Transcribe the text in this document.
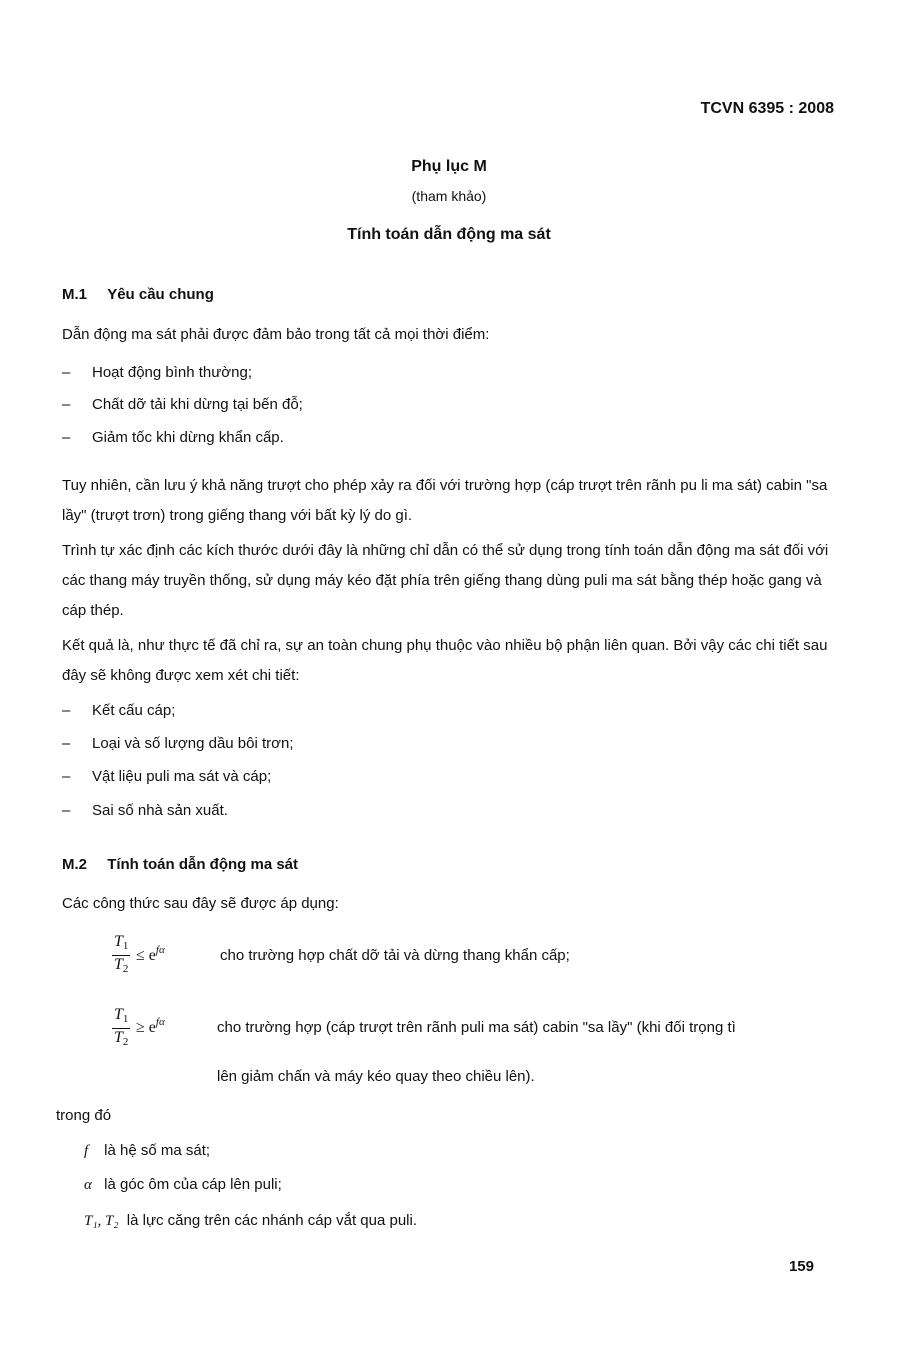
TCVN 6395 : 2008
Phụ lục M
(tham khảo)
Tính toán dẫn động ma sát
M.1 Yêu cầu chung
Dẫn động ma sát phải được đảm bảo trong tất cả mọi thời điểm:
– Hoạt động bình thường;
– Chất dỡ tải khi dừng tại bến đỗ;
– Giảm tốc khi dừng khẩn cấp.
Tuy nhiên, cần lưu ý khả năng trượt cho phép xảy ra đối với trường hợp (cáp trượt trên rãnh pu li ma sát) cabin "sa lầy" (trượt trơn) trong giếng thang với bất kỳ lý do gì.
Trình tự xác định các kích thước dưới đây là những chỉ dẫn có thể sử dụng trong tính toán dẫn động ma sát đối với các thang máy truyền thống, sử dụng máy kéo đặt phía trên giếng thang dùng puli ma sát bằng thép hoặc gang và cáp thép.
Kết quả là, như thực tế đã chỉ ra, sự an toàn chung phụ thuộc vào nhiều bộ phận liên quan. Bởi vậy các chi tiết sau đây sẽ không được xem xét chi tiết:
– Kết cấu cáp;
– Loại và số lượng dầu bôi trơn;
– Vật liệu puli ma sát và cáp;
– Sai số nhà sản xuất.
M.2 Tính toán dẫn động ma sát
Các công thức sau đây sẽ được áp dụng:
$T_1$
$T_2$
≤ $e^{f\alpha}$	cho trường hợp chất dỡ tải và dừng thang khẩn cấp;
$T_1$
$T_2$
≥ $e^{f\alpha}$	cho trường hợp (cáp trượt trên rãnh puli ma sát) cabin "sa lầy" (khi đối trọng tì
lên giảm chấn và máy kéo quay theo chiều lên).
trong đó
f là hệ số ma sát;
α là góc ôm của cáp lên puli;
T₁, T₂ là lực căng trên các nhánh cáp vắt qua puli.
159
